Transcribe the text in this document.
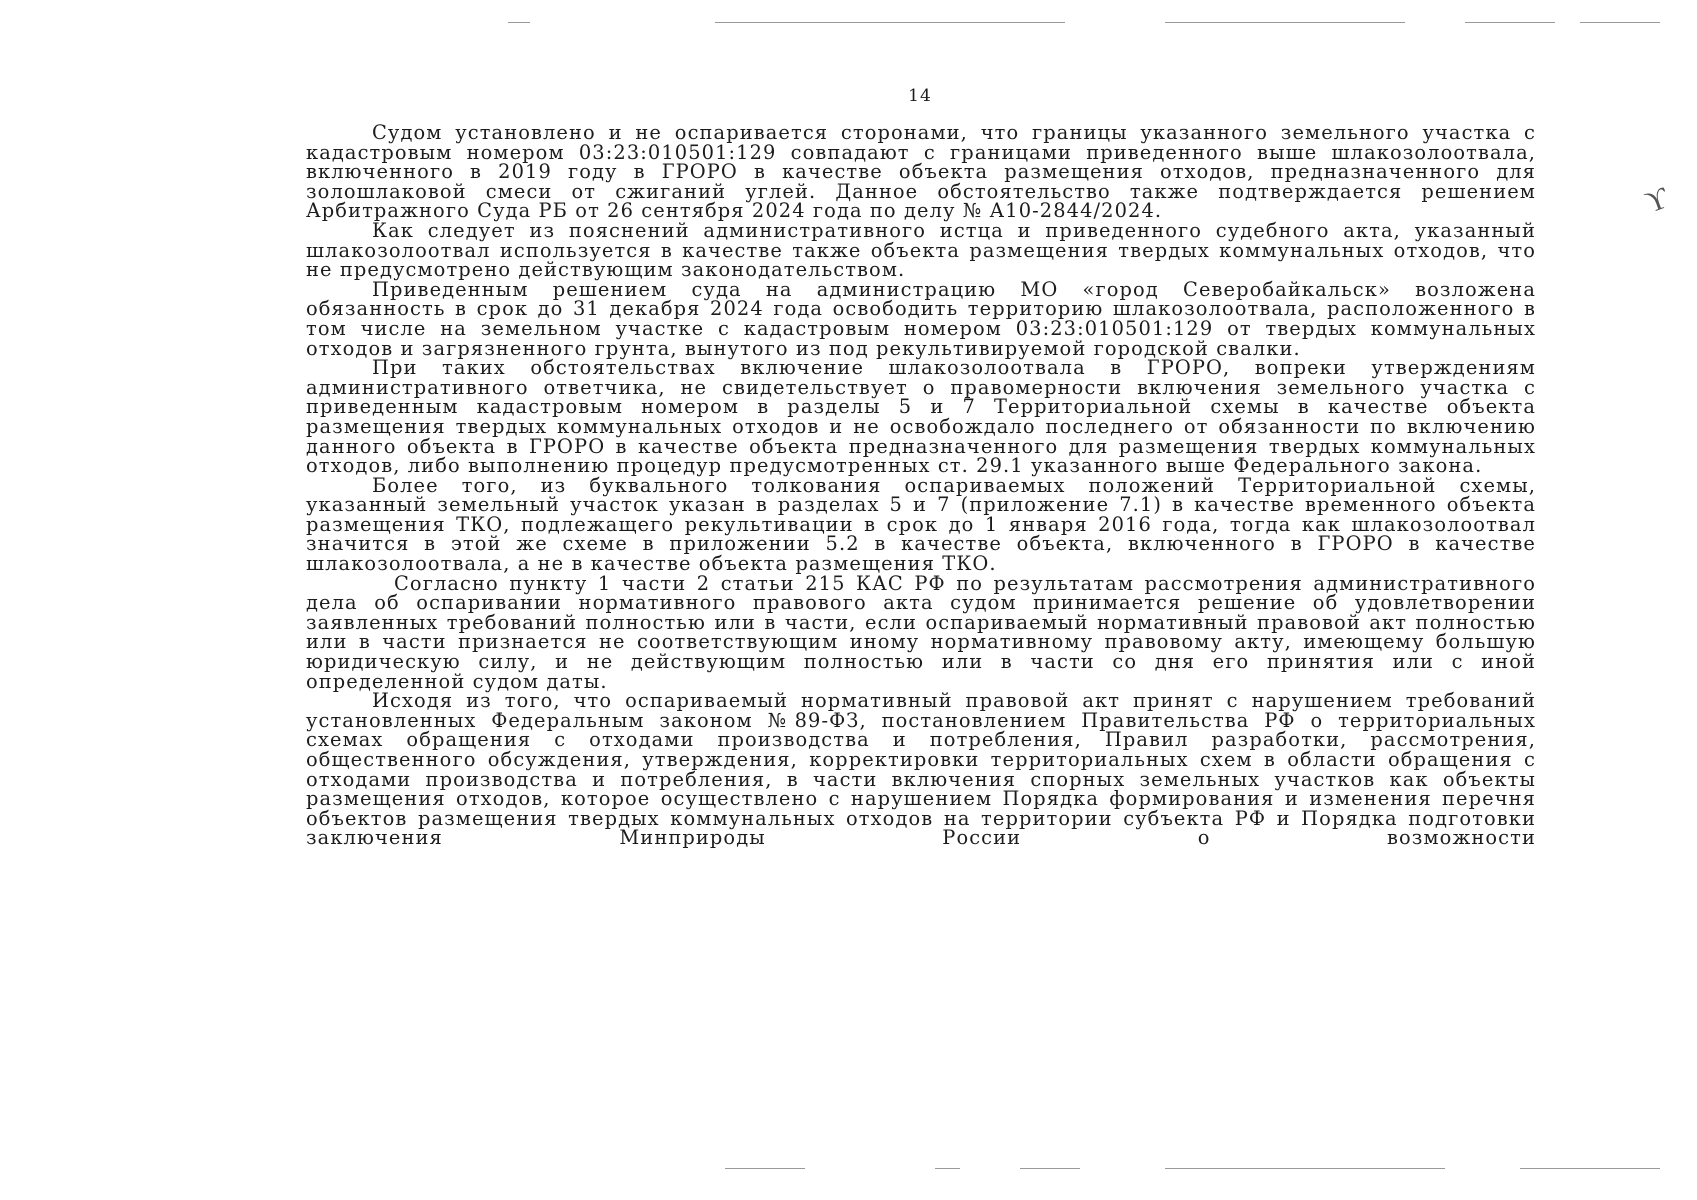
ϒ
14

Судом установлено и не оспаривается сторонами, что границы указанного земельного участка с кадастровым номером 03:23:010501:129 совпадают с границами приведенного выше шлакозолоотвала, включенного в 2019 году в ГРОРО в качестве объекта размещения отходов, предназначенного для золошлаковой смеси от сжиганий углей. Данное обстоятельство также подтверждается решением Арбитражного Суда РБ от 26 сентября 2024 года по делу № А10-2844/2024.

Как следует из пояснений административного истца и приведенного судебного акта, указанный шлакозолоотвал используется в качестве также объекта размещения твердых коммунальных отходов, что не предусмотрено действующим законодательством.

Приведенным решением суда на администрацию МО «город Северобайкальск» возложена обязанность в срок до 31 декабря 2024 года освободить территорию шлакозолоотвала, расположенного в том числе на земельном участке с кадастровым номером 03:23:010501:129 от твердых коммунальных отходов и загрязненного грунта, вынутого из под рекультивируемой городской свалки.

При таких обстоятельствах включение шлакозолоотвала в ГРОРО, вопреки утверждениям административного ответчика, не свидетельствует о правомерности включения земельного участка с приведенным кадастровым номером в разделы 5 и 7 Территориальной схемы в качестве объекта размещения твердых коммунальных отходов и не освобождало последнего от обязанности по включению данного объекта в ГРОРО в качестве объекта предназначенного для размещения твердых коммунальных отходов, либо выполнению процедур предусмотренных ст. 29.1 указанного выше Федерального закона.

Более того, из буквального толкования оспариваемых положений Территориальной схемы, указанный земельный участок указан в разделах 5 и 7 (приложение 7.1) в качестве временного объекта размещения ТКО, подлежащего рекультивации в срок до 1 января 2016 года, тогда как шлакозолоотвал значится в этой же схеме в приложении 5.2 в качестве объекта, включенного в ГРОРО в качестве шлакозолоотвала, а не в качестве объекта размещения ТКО.

Согласно пункту 1 части 2 статьи 215 КАС РФ по результатам рассмотрения административного дела об оспаривании нормативного правового акта судом принимается решение об удовлетворении заявленных требований полностью или в части, если оспариваемый нормативный правовой акт полностью или в части признается не соответствующим иному нормативному правовому акту, имеющему большую юридическую силу, и не действующим полностью или в части со дня его принятия или с иной определенной судом даты.

Исходя из того, что оспариваемый нормативный правовой акт принят с нарушением требований установленных Федеральным законом №89-ФЗ, постановлением Правительства РФ о территориальных схемах обращения с отходами производства и потребления, Правил разработки, рассмотрения, общественного обсуждения, утверждения, корректировки территориальных схем в области обращения с отходами производства и потребления, в части включения спорных земельных участков как объекты размещения отходов, которое осуществлено с нарушением Порядка формирования и изменения перечня объектов размещения твердых коммунальных отходов на территории субъекта РФ и Порядка подготовки заключения Минприроды России о возможности
